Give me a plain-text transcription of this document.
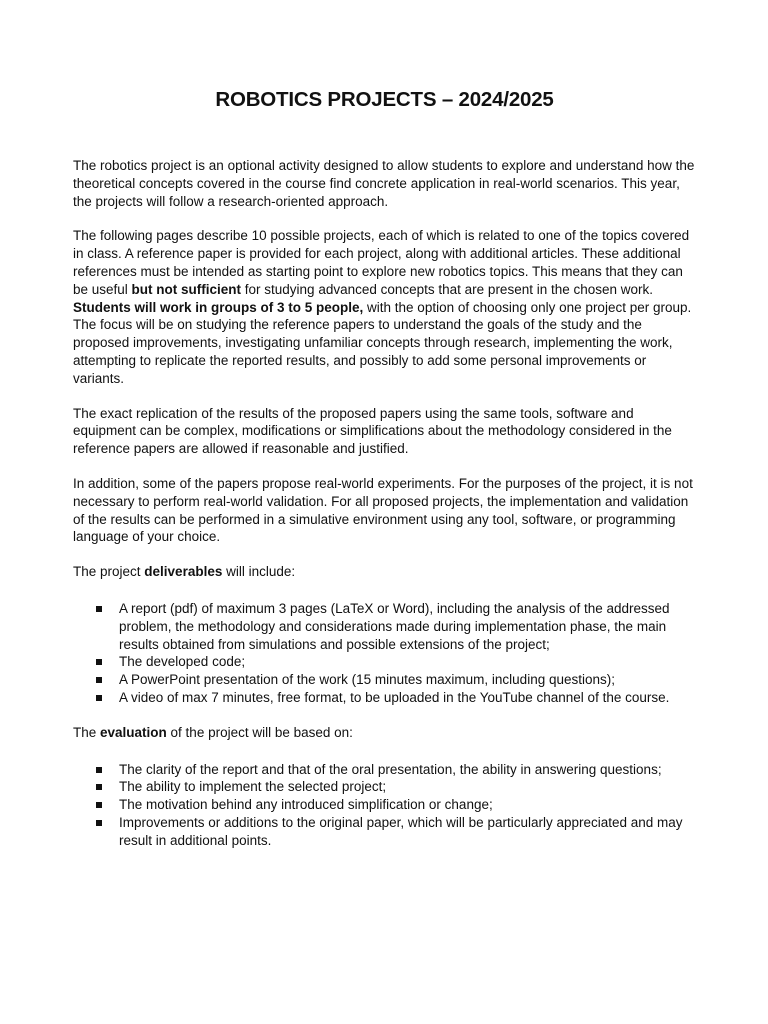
ROBOTICS PROJECTS – 2024/2025

The robotics project is an optional activity designed to allow students to explore and understand how the theoretical concepts covered in the course find concrete application in real-world scenarios. This year, the projects will follow a research-oriented approach.

The following pages describe 10 possible projects, each of which is related to one of the topics covered in class. A reference paper is provided for each project, along with additional articles. These additional references must be intended as starting point to explore new robotics topics. This means that they can be useful but not sufficient for studying advanced concepts that are present in the chosen work. Students will work in groups of 3 to 5 people, with the option of choosing only one project per group. The focus will be on studying the reference papers to understand the goals of the study and the proposed improvements, investigating unfamiliar concepts through research, implementing the work, attempting to replicate the reported results, and possibly to add some personal improvements or variants.

The exact replication of the results of the proposed papers using the same tools, software and equipment can be complex, modifications or simplifications about the methodology considered in the reference papers are allowed if reasonable and justified.

In addition, some of the papers propose real-world experiments. For the purposes of the project, it is not necessary to perform real-world validation. For all proposed projects, the implementation and validation of the results can be performed in a simulative environment using any tool, software, or programming language of your choice.

The project deliverables will include:

A report (pdf) of maximum 3 pages (LaTeX or Word), including the analysis of the addressed problem, the methodology and considerations made during implementation phase, the main results obtained from simulations and possible extensions of the project;
The developed code;
A PowerPoint presentation of the work (15 minutes maximum, including questions);
A video of max 7 minutes, free format, to be uploaded in the YouTube channel of the course.

The evaluation of the project will be based on:

The clarity of the report and that of the oral presentation, the ability in answering questions;
The ability to implement the selected project;
The motivation behind any introduced simplification or change;
Improvements or additions to the original paper, which will be particularly appreciated and may result in additional points.
